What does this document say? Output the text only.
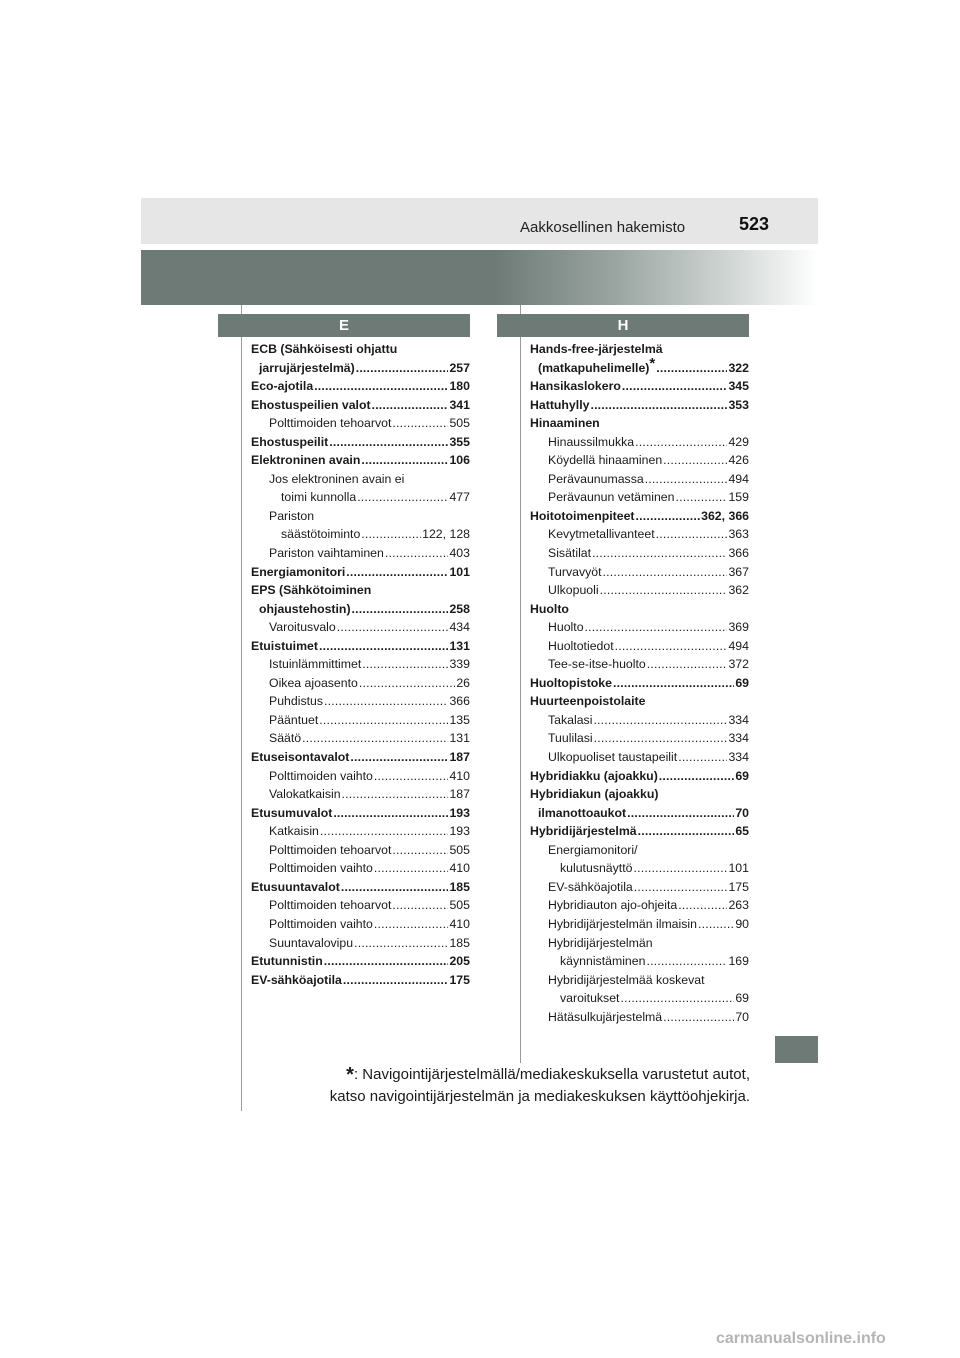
Aakkosellinen hakemisto	523
E	H
ECB (Sähköisesti ohjattu
jarrujärjestelmä) .....	257
Eco-ajotila .....	180
Ehostuspeilien valot .....	341
Polttimoiden tehoarvot .....	505
Ehostuspeilit .....	355
Elektroninen avain .....	106
Jos elektroninen avain ei
toimi kunnolla .....	477
Pariston
säästötoiminto .....	122, 128
Pariston vaihtaminen .....	403
Energiamonitori .....	101
EPS (Sähkötoiminen
ohjaustehostin) .....	258
Varoitusvalo .....	434
Etuistuimet .....	131
Istuinlämmittimet .....	339
Oikea ajoasento .....	26
Puhdistus .....	366
Pääntuet .....	135
Säätö .....	131
Etuseisontavalot .....	187
Polttimoiden vaihto .....	410
Valokatkaisin .....	187
Etusumuvalot .....	193
Katkaisin .....	193
Polttimoiden tehoarvot .....	505
Polttimoiden vaihto .....	410
Etusuuntavalot .....	185
Polttimoiden tehoarvot .....	505
Polttimoiden vaihto .....	410
Suuntavalovipu .....	185
Etutunnistin .....	205
EV-sähköajotila .....	175
Hands-free-järjestelmä
(matkapuhelimelle)* .....	322
Hansikaslokero .....	345
Hattuhylly .....	353
Hinaaminen
Hinaussilmukka .....	429
Köydellä hinaaminen .....	426
Perävaunumassa .....	494
Perävaunun vetäminen .....	159
Hoitotoimenpiteet .....	362, 366
Kevytmetallivanteet .....	363
Sisätilat .....	366
Turvavyöt .....	367
Ulkopuoli .....	362
Huolto
Huolto .....	369
Huoltotiedot .....	494
Tee-se-itse-huolto .....	372
Huoltopistoke .....	69
Huurteenpoistolaite
Takalasi .....	334
Tuulilasi .....	334
Ulkopuoliset taustapeilit .....	334
Hybridiakku (ajoakku) .....	69
Hybridiakun (ajoakku)
ilmanottoaukot .....	70
Hybridijärjestelmä .....	65
Energiamonitori/
kulutusnäyttö .....	101
EV-sähköajotila .....	175
Hybridiauton ajo-ohjeita .....	263
Hybridijärjestelmän ilmaisin .....	90
Hybridijärjestelmän
käynnistäminen .....	169
Hybridijärjestelmää koskevat
varoitukset .....	69
Hätäsulkujärjestelmä .....	70
*: Navigointijärjestelmällä/mediakeskuksella varustetut autot,
katso navigointijärjestelmän ja mediakeskuksen käyttöohjekirja.
carmanualsonline.info
